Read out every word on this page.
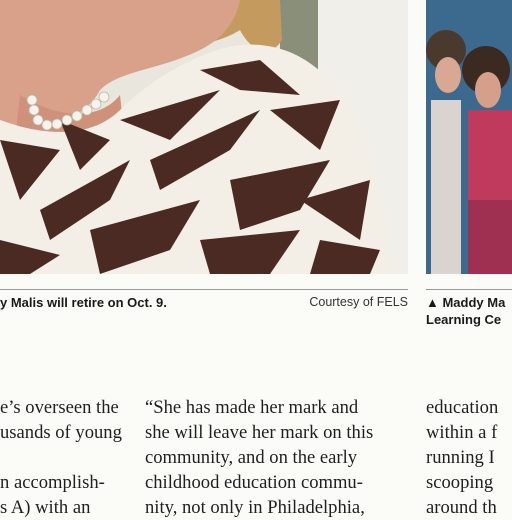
y Malis will retire on Oct. 9.	Courtesy of FELS ▲ Maddy Ma
Learning Ce
e’s overseen the
usands of young
n accomplish-
s A) with an
“She has made her mark and
she will leave her mark on this
community, and on the early
childhood education commu-
nity, not only in Philadelphia,
education
within a f
running I
scooping
around th
